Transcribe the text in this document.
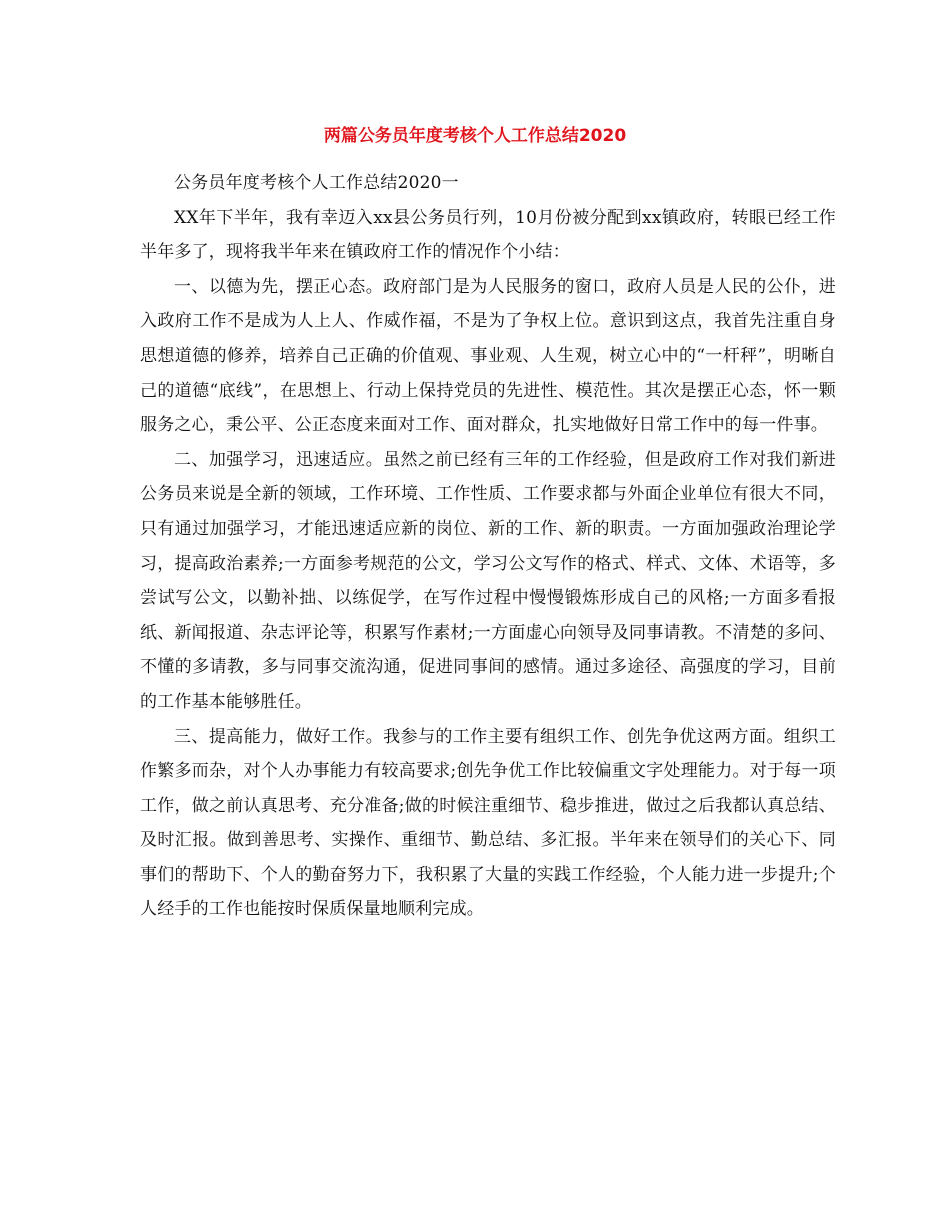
两篇公务员年度考核个人工作总结2020

公务员年度考核个人工作总结2020一

XX年下半年，我有幸迈入xx县公务员行列，10月份被分配到xx镇政府，转眼已经工作半年多了，现将我半年来在镇政府工作的情况作个小结：

一、以德为先，摆正心态。政府部门是为人民服务的窗口，政府人员是人民的公仆，进入政府工作不是成为人上人、作威作福，不是为了争权上位。意识到这点，我首先注重自身思想道德的修养，培养自己正确的价值观、事业观、人生观，树立心中的“一杆秤”，明晰自己的道德“底线”，在思想上、行动上保持党员的先进性、模范性。其次是摆正心态，怀一颗服务之心，秉公平、公正态度来面对工作、面对群众，扎实地做好日常工作中的每一件事。

二、加强学习，迅速适应。虽然之前已经有三年的工作经验，但是政府工作对我们新进公务员来说是全新的领域，工作环境、工作性质、工作要求都与外面企业单位有很大不同，只有通过加强学习，才能迅速适应新的岗位、新的工作、新的职责。一方面加强政治理论学习，提高政治素养;一方面参考规范的公文，学习公文写作的格式、样式、文体、术语等，多尝试写公文，以勤补拙、以练促学，在写作过程中慢慢锻炼形成自己的风格;一方面多看报纸、新闻报道、杂志评论等，积累写作素材;一方面虚心向领导及同事请教。不清楚的多问、不懂的多请教，多与同事交流沟通，促进同事间的感情。通过多途径、高强度的学习，目前的工作基本能够胜任。

三、提高能力，做好工作。我参与的工作主要有组织工作、创先争优这两方面。组织工作繁多而杂，对个人办事能力有较高要求;创先争优工作比较偏重文字处理能力。对于每一项工作，做之前认真思考、充分准备;做的时候注重细节、稳步推进，做过之后我都认真总结、及时汇报。做到善思考、实操作、重细节、勤总结、多汇报。半年来在领导们的关心下、同事们的帮助下、个人的勤奋努力下，我积累了大量的实践工作经验，个人能力进一步提升;个人经手的工作也能按时保质保量地顺利完成。
